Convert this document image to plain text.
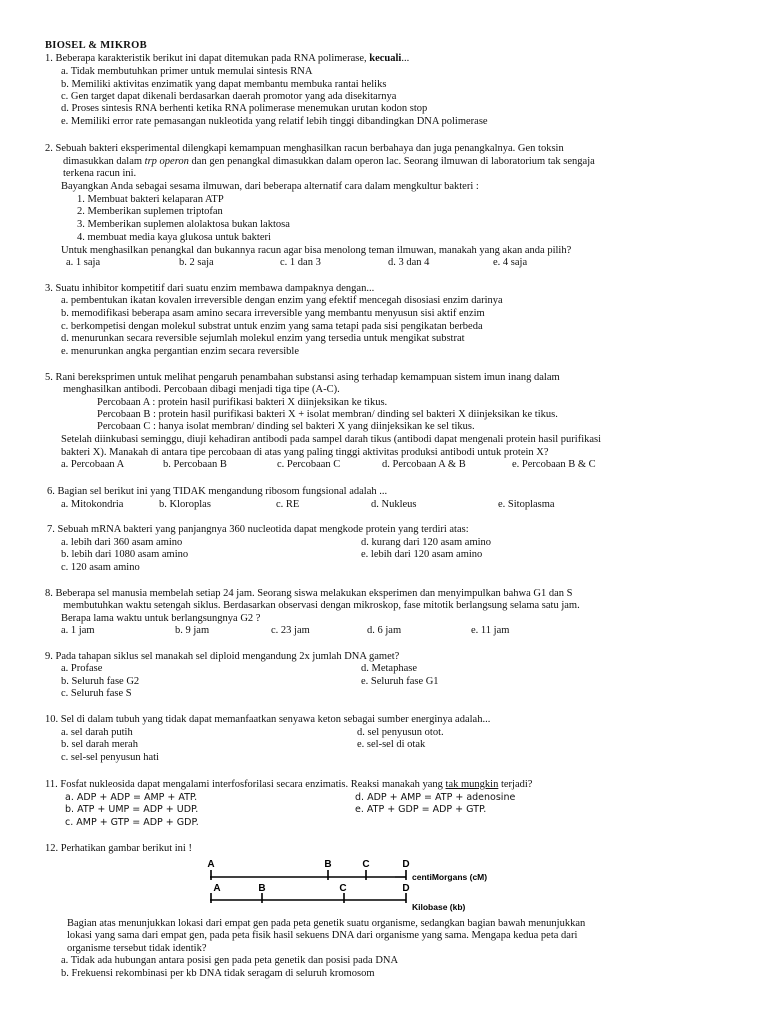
BIOSEL & MIKROB
1. Beberapa karakteristik berikut ini dapat ditemukan pada RNA polimerase, kecuali...
a. Tidak membutuhkan primer untuk memulai sintesis RNA
b. Memiliki aktivitas enzimatik yang dapat membantu membuka rantai heliks
c. Gen target dapat dikenali berdasarkan daerah promotor yang ada disekitarnya
d. Proses sintesis RNA berhenti ketika RNA polimerase menemukan urutan kodon stop
e. Memiliki error rate pemasangan nukleotida yang relatif lebih tinggi dibandingkan DNA polimerase
2. Sebuah bakteri eksperimental dilengkapi kemampuan menghasilkan racun berbahaya dan juga penangkalnya. Gen toksin
dimasukkan dalam trp operon dan gen penangkal dimasukkan dalam operon lac. Seorang ilmuwan di laboratorium tak sengaja
terkena racun ini.
Bayangkan Anda sebagai sesama ilmuwan, dari beberapa alternatif cara dalam mengkultur bakteri :
1. Membuat bakteri kelaparan ATP
2. Memberikan suplemen triptofan
3. Memberikan suplemen alolaktosa bukan laktosa
4. membuat media kaya glukosa untuk bakteri
Untuk menghasilkan penangkal dan bukannya racun agar bisa menolong teman ilmuwan, manakah yang akan anda pilih?
a. 1 saja	b. 2 saja	c. 1 dan 3	d. 3 dan 4	e. 4 saja
3. Suatu inhibitor kompetitif dari suatu enzim membawa dampaknya dengan...
a. pembentukan ikatan kovalen irreversible dengan enzim yang efektif mencegah disosiasi enzim darinya
b. memodifikasi beberapa asam amino secara irreversible yang membantu menyusun sisi aktif enzim
c. berkompetisi dengan molekul substrat untuk enzim yang sama tetapi pada sisi pengikatan berbeda
d. menurunkan secara reversible sejumlah molekul enzim yang tersedia untuk mengikat substrat
e. menurunkan angka pergantian enzim secara reversible
5. Rani bereksprimen untuk melihat pengaruh penambahan substansi asing terhadap kemampuan sistem imun inang dalam
menghasilkan antibodi. Percobaan dibagi menjadi tiga tipe (A-C).
Percobaan A : protein hasil purifikasi bakteri X diinjeksikan ke tikus.
Percobaan B : protein hasil purifikasi bakteri X + isolat membran/ dinding sel bakteri X diinjeksikan ke tikus.
Percobaan C : hanya isolat membran/ dinding sel bakteri X yang diinjeksikan ke sel tikus.
Setelah diinkubasi seminggu, diuji kehadiran antibodi pada sampel darah tikus (antibodi dapat mengenali protein hasil purifikasi
bakteri X). Manakah di antara tipe percobaan di atas yang paling tinggi aktivitas produksi antibodi untuk protein X?
a. Percobaan A	b. Percobaan B	c. Percobaan C	d. Percobaan A & B	e. Percobaan B & C
6. Bagian sel berikut ini yang TIDAK mengandung ribosom fungsional adalah ...
a. Mitokondria	b. Kloroplas	c. RE	d. Nukleus	e. Sitoplasma
7. Sebuah mRNA bakteri yang panjangnya 360 nucleotida dapat mengkode protein yang terdiri atas:
a. lebih dari 360 asam amino
b. lebih dari 1080 asam amino
c. 120 asam amino
d. kurang dari 120 asam amino
e. lebih dari 120 asam amino
8. Beberapa sel manusia membelah setiap 24 jam. Seorang siswa melakukan eksperimen dan menyimpulkan bahwa G1 dan S
membutuhkan waktu setengah siklus. Berdasarkan observasi dengan mikroskop, fase mitotik berlangsung selama satu jam.
Berapa lama waktu untuk berlangsungnya G2 ?
a. 1 jam	b. 9 jam	c. 23 jam	d. 6 jam	e. 11 jam
9. Pada tahapan siklus sel manakah sel diploid mengandung 2x jumlah DNA gamet?
a. Profase
b. Seluruh fase G2
c. Seluruh fase S
d. Metaphase
e. Seluruh fase G1
10. Sel di dalam tubuh yang tidak dapat memanfaatkan senyawa keton sebagai sumber energinya adalah...
a. sel darah putih
b. sel darah merah
c. sel-sel penyusun hati
d. sel penyusun otot.
e. sel-sel di otak
11. Fosfat nukleosida dapat mengalami interfosforilasi secara enzimatis. Reaksi manakah yang tak mungkin terjadi?
a. ADP + ADP = AMP + ATP.
b. ATP + UMP = ADP + UDP.
c. AMP + GTP = ADP + GDP.
d. ADP + AMP = ATP + adenosine
e. ATP + GDP = ADP + GTP.
12. Perhatikan gambar berikut ini !
A	B	C	D
centiMorgans (cM)
A	B	C	D
Kilobase (kb)
Bagian atas menunjukkan lokasi dari empat gen pada peta genetik suatu organisme, sedangkan bagian bawah menunjukkan
lokasi yang sama dari empat gen, pada peta fisik hasil sekuens DNA dari organisme yang sama. Mengapa kedua peta dari
organisme tersebut tidak identik?
a. Tidak ada hubungan antara posisi gen pada peta genetik dan posisi pada DNA
b. Frekuensi rekombinasi per kb DNA tidak seragam di seluruh kromosom
